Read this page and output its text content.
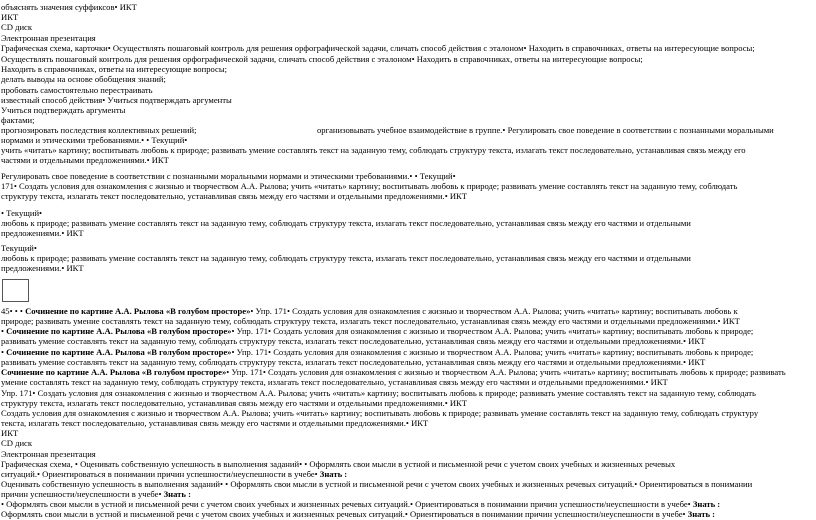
объяснять значения суффиксов• ИКТ
ИКТ
CD диск
Электронная презентация
Графическая схема, карточки• Осуществлять пошаговый контроль для решения орфографической задачи, сличать способ действия с эталоном• Находить в справочниках, ответы на интересующие вопросы;
Осуществлять пошаговый контроль для решения орфографической задачи, сличать способ действия с эталоном• Находить в справочниках, ответы на интересующие вопросы;
Находить в справочниках, ответы на интересующие вопросы;
делать выводы на основе обобщения знаний;
пробовать самостоятельно перестраивать
известный способ действия• Учиться подтверждать аргументы
Учиться подтверждать аргументы
фактами;
прогнозировать последствия коллективных решений;	организовывать учебное взаимодействие в группе.• Регулировать свое поведение в соответствии с познанными моральными
нормами и этическими требованиями.• • Текущий•
учить «читать» картину; воспитывать любовь к природе; развивать умение составлять текст на заданную тему, соблюдать структуру текста, излагать текст последовательно, устанавливая связь между его
частями и отдельными предложениями.• ИКТ
Регулировать свое поведение в соответствии с познанными моральными нормами и этическими требованиями.• • Текущий•
171• Создать условия для ознакомления с жизнью и творчеством А.А. Рылова; учить «читать» картину; воспитывать любовь к природе; развивать умение составлять текст на заданную тему, соблюдать
структуру текста, излагать текст последовательно, устанавливая связь между его частями и отдельными предложениями.• ИКТ
• Текущий•
любовь к природе; развивать умение составлять текст на заданную тему, соблюдать структуру текста, излагать текст последовательно, устанавливая связь между его частями и отдельными
предложениями.• ИКТ
Текущий•
любовь к природе; развивать умение составлять текст на заданную тему, соблюдать структуру текста, излагать текст последовательно, устанавливая связь между его частями и отдельными
предложениями.• ИКТ
45• • • Сочинение по картине А.А. Рылова «В голубом просторе»• Упр. 171• Создать условия для ознакомления с жизнью и творчеством А.А. Рылова; учить «читать» картину; воспитывать любовь к
природе; развивать умение составлять текст на заданную тему, соблюдать структуру текста, излагать текст последовательно, устанавливая связь между его частями и отдельными предложениями.• ИКТ
• Сочинение по картине А.А. Рылова «В голубом просторе»• Упр. 171• Создать условия для ознакомления с жизнью и творчеством А.А. Рылова; учить «читать» картину; воспитывать любовь к природе;
развивать умение составлять текст на заданную тему, соблюдать структуру текста, излагать текст последовательно, устанавливая связь между его частями и отдельными предложениями.• ИКТ
• Сочинение по картине А.А. Рылова «В голубом просторе»• Упр. 171• Создать условия для ознакомления с жизнью и творчеством А.А. Рылова; учить «читать» картину; воспитывать любовь к природе;
развивать умение составлять текст на заданную тему, соблюдать структуру текста, излагать текст последовательно, устанавливая связь между его частями и отдельными предложениями.• ИКТ
Сочинение по картине А.А. Рылова «В голубом просторе»• Упр. 171• Создать условия для ознакомления с жизнью и творчеством А.А. Рылова; учить «читать» картину; воспитывать любовь к природе; развивать
умение составлять текст на заданную тему, соблюдать структуру текста, излагать текст последовательно, устанавливая связь между его частями и отдельными предложениями.• ИКТ
Упр. 171• Создать условия для ознакомления с жизнью и творчеством А.А. Рылова; учить «читать» картину; воспитывать любовь к природе; развивать умение составлять текст на заданную тему, соблюдать
структуру текста, излагать текст последовательно, устанавливая связь между его частями и отдельными предложениями.• ИКТ
Создать условия для ознакомления с жизнью и творчеством А.А. Рылова; учить «читать» картину; воспитывать любовь к природе; развивать умение составлять текст на заданную тему, соблюдать структуру
текста, излагать текст последовательно, устанавливая связь между его частями и отдельными предложениями.• ИКТ
ИКТ
CD диск
Электронная презентация
Графическая схема, • Оценивать собственную успешность в выполнения заданий• • Оформлять свои мысли в устной и письменной речи с учетом своих учебных и жизненных речевых
ситуаций.• Ориентироваться в понимании причин успешности/неуспешности в учебе• Знать :
Оценивать собственную успешность в выполнения заданий• • Оформлять свои мысли в устной и письменной речи с учетом своих учебных и жизненных речевых ситуаций.• Ориентироваться в понимании
причин успешности/неуспешности в учебе• Знать :
• Оформлять свои мысли в устной и письменной речи с учетом своих учебных и жизненных речевых ситуаций.• Ориентироваться в понимании причин успешности/неуспешности в учебе• Знать :
Оформлять свои мысли в устной и письменной речи с учетом своих учебных и жизненных речевых ситуаций.• Ориентироваться в понимании причин успешности/неуспешности в учебе• Знать :
